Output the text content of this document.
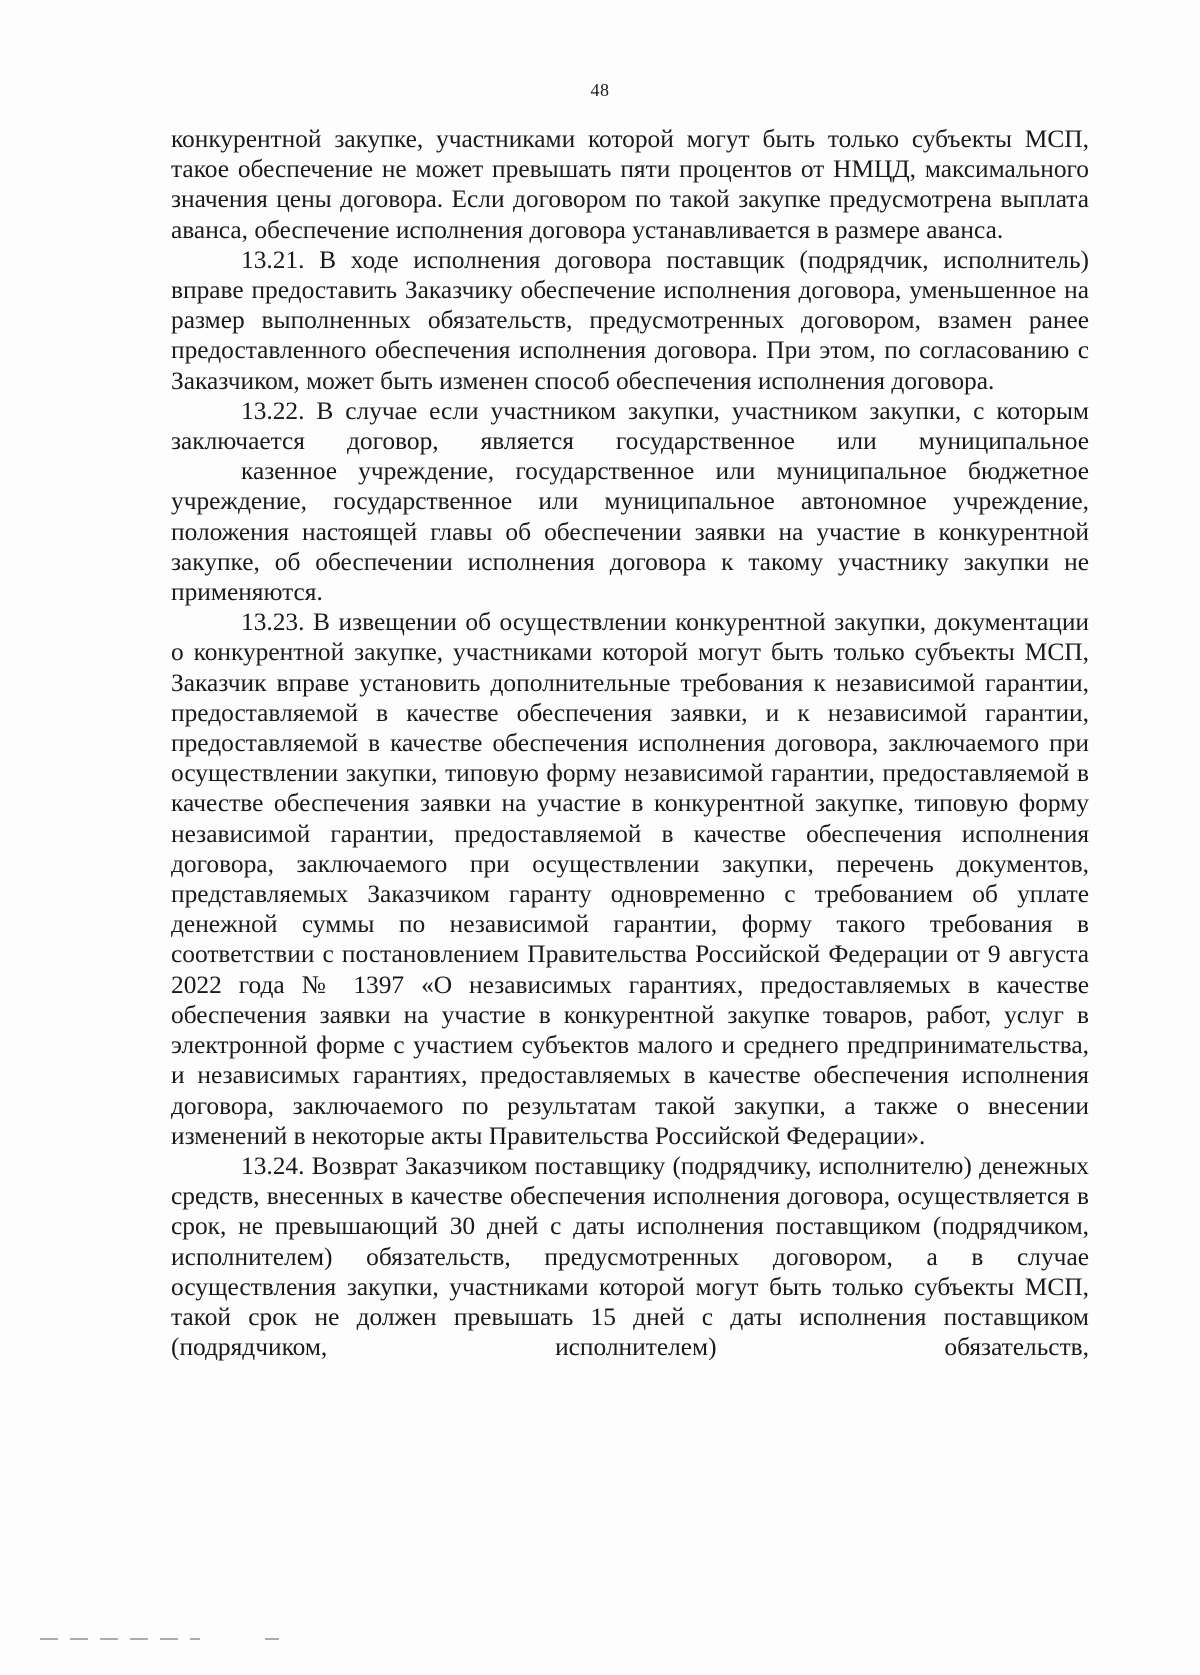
48

конкурентной закупке, участниками которой могут быть только субъекты МСП, такое обеспечение не может превышать пяти процентов от НМЦД, максимального значения цены договора. Если договором по такой закупке предусмотрена выплата аванса, обеспечение исполнения договора устанавливается в размере аванса.

13.21. В ходе исполнения договора поставщик (подрядчик, исполнитель) вправе предоставить Заказчику обеспечение исполнения договора, уменьшенное на размер выполненных обязательств, предусмотренных договором, взамен ранее предоставленного обеспечения исполнения договора. При этом, по согласованию с Заказчиком, может быть изменен способ обеспечения исполнения договора.

13.22. В случае если участником закупки, участником закупки, с которым заключается договор, является государственное или муниципальное

казенное учреждение, государственное или муниципальное бюджетное учреждение, государственное или муниципальное автономное учреждение, положения настоящей главы об обеспечении заявки на участие в конкурентной закупке, об обеспечении исполнения договора к такому участнику закупки не применяются.

13.23. В извещении об осуществлении конкурентной закупки, документации о конкурентной закупке, участниками которой могут быть только субъекты МСП, Заказчик вправе установить дополнительные требования к независимой гарантии, предоставляемой в качестве обеспечения заявки, и к независимой гарантии, предоставляемой в качестве обеспечения исполнения договора, заключаемого при осуществлении закупки, типовую форму независимой гарантии, предоставляемой в качестве обеспечения заявки на участие в конкурентной закупке, типовую форму независимой гарантии, предоставляемой в качестве обеспечения исполнения договора, заключаемого при осуществлении закупки, перечень документов, представляемых Заказчиком гаранту одновременно с требованием об уплате денежной суммы по независимой гарантии, форму такого требования в соответствии с постановлением Правительства Российской Федерации от 9 августа 2022 года № 1397 «О независимых гарантиях, предоставляемых в качестве обеспечения заявки на участие в конкурентной закупке товаров, работ, услуг в электронной форме с участием субъектов малого и среднего предпринимательства, и независимых гарантиях, предоставляемых в качестве обеспечения исполнения договора, заключаемого по результатам такой закупки, а также о внесении изменений в некоторые акты Правительства Российской Федерации».

13.24. Возврат Заказчиком поставщику (подрядчику, исполнителю) денежных средств, внесенных в качестве обеспечения исполнения договора, осуществляется в срок, не превышающий 30 дней с даты исполнения поставщиком (подрядчиком, исполнителем) обязательств, предусмотренных договором, а в случае осуществления закупки, участниками которой могут быть только субъекты МСП, такой срок не должен превышать 15 дней с даты исполнения поставщиком (подрядчиком, исполнителем) обязательств,
